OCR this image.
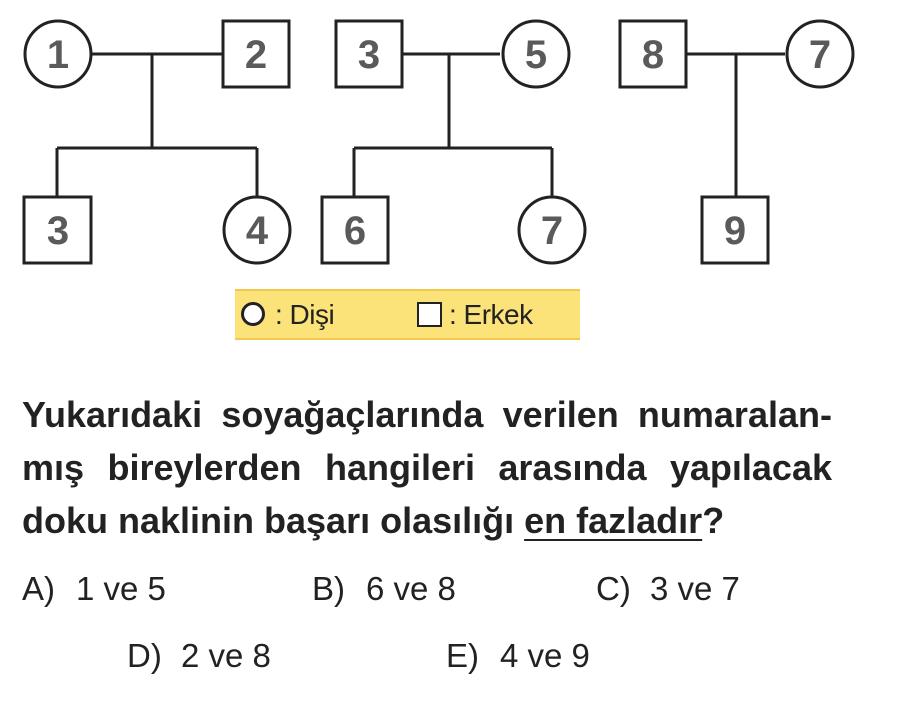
1	2
3	4
3	5
6	7
8	7
9
: Dişi	: Erkek
Yukarıdaki soyağaçlarında verilen numaralan-
mış bireylerden hangileri arasında yapılacak
doku naklinin başarı olasılığı en fazladır ?
A) 1 ve 5	B) 6 ve 8	C) 3 ve 7
D) 2 ve 8	E) 4 ve 9
